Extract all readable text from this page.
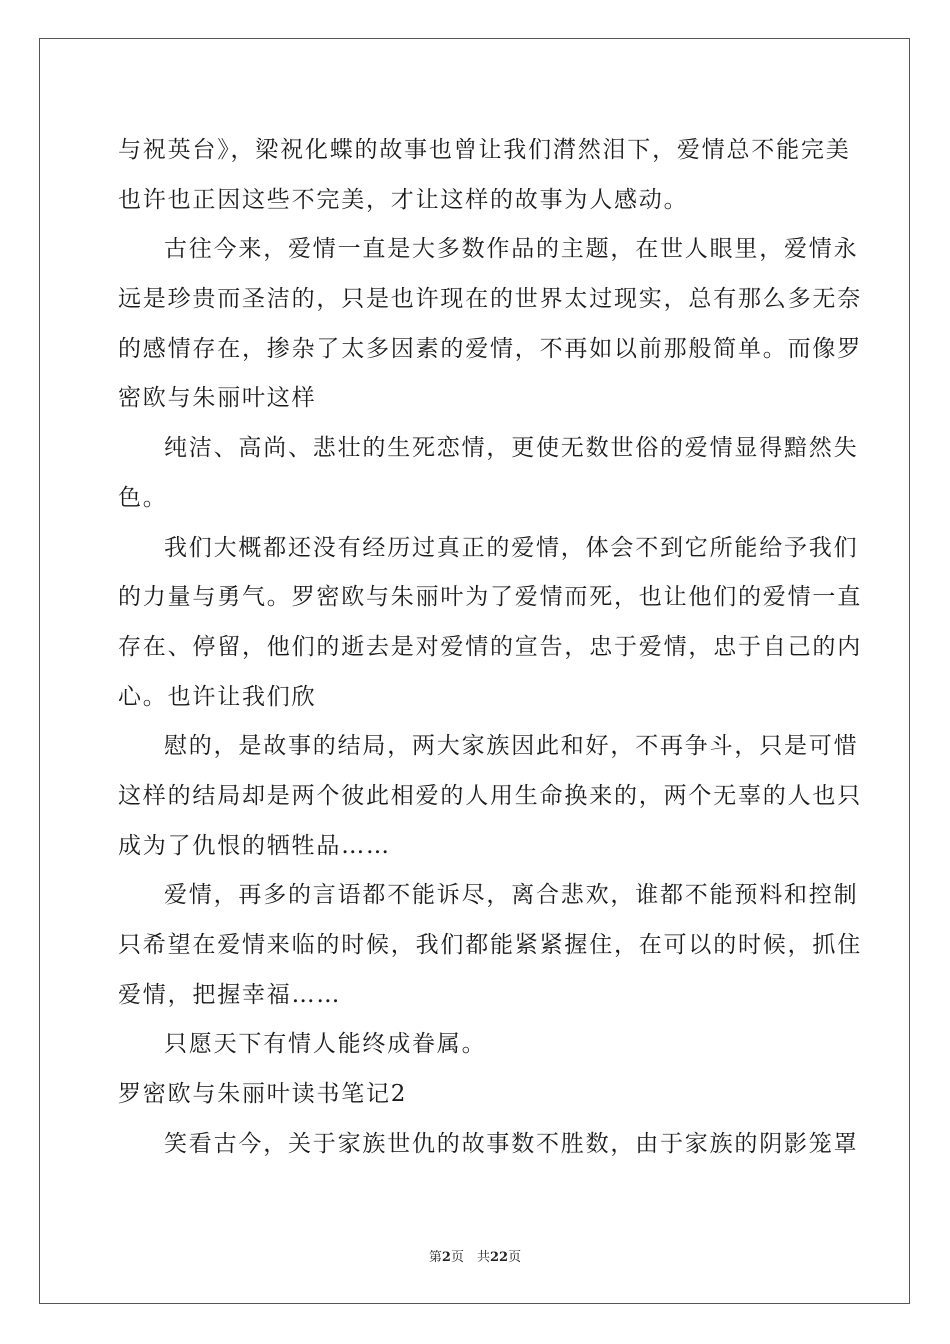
与祝英台》，梁祝化蝶的故事也曾让我们潸然泪下，爱情总不能完美
也许也正因这些不完美，才让这样的故事为人感动。
古往今来，爱情一直是大多数作品的主题，在世人眼里，爱情永
远是珍贵而圣洁的，只是也许现在的世界太过现实，总有那么多无奈
的感情存在，掺杂了太多因素的爱情，不再如以前那般简单。而像罗
密欧与朱丽叶这样
纯洁、高尚、悲壮的生死恋情，更使无数世俗的爱情显得黯然失
色。
我们大概都还没有经历过真正的爱情，体会不到它所能给予我们
的力量与勇气。罗密欧与朱丽叶为了爱情而死，也让他们的爱情一直
存在、停留，他们的逝去是对爱情的宣告，忠于爱情，忠于自己的内
心。也许让我们欣
慰的，是故事的结局，两大家族因此和好，不再争斗，只是可惜
这样的结局却是两个彼此相爱的人用生命换来的，两个无辜的人也只
成为了仇恨的牺牲品……
爱情，再多的言语都不能诉尽，离合悲欢，谁都不能预料和控制
只希望在爱情来临的时候，我们都能紧紧握住，在可以的时候，抓住
爱情，把握幸福……
只愿天下有情人能终成眷属。
罗密欧与朱丽叶读书笔记2
笑看古今，关于家族世仇的故事数不胜数，由于家族的阴影笼罩
第2页　共22页
